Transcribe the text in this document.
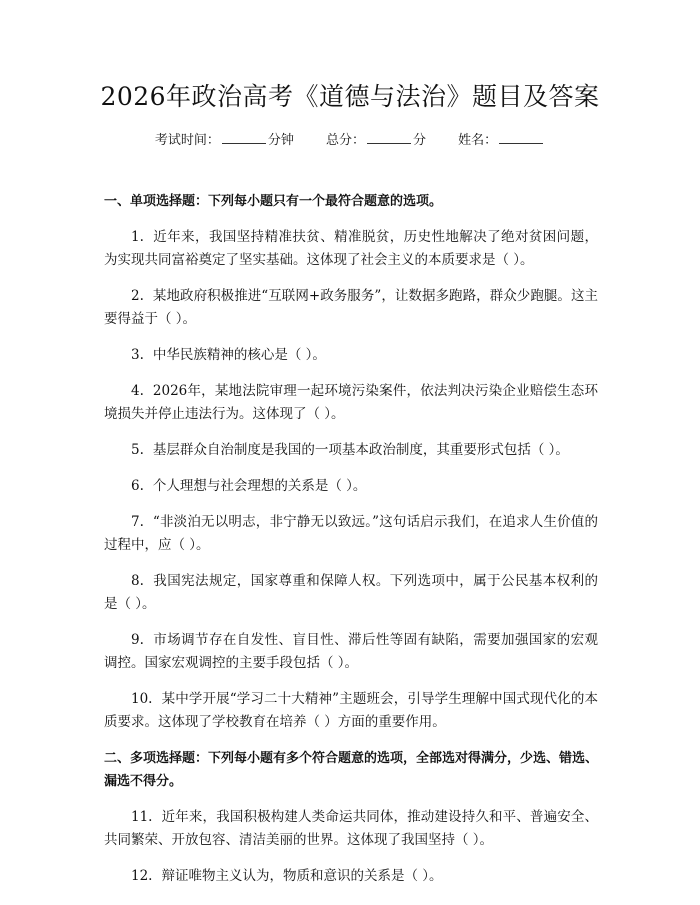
2026年政治高考《道德与法治》题目及答案
考试时间：	分钟 总分：	分 姓名：
一、单项选择题：下列每小题只有一个最符合题意的选项。
1. 近年来，我国坚持精准扶贫、精准脱贫，历史性地解决了绝对贫困问题，为实现共同富裕奠定了坚实基础。这体现了社会主义的本质要求是（ ）。
2. 某地政府积极推进“互联网+政务服务”，让数据多跑路，群众少跑腿。这主要得益于（ ）。
3. 中华民族精神的核心是（ ）。
4. 2026年，某地法院审理一起环境污染案件，依法判决污染企业赔偿生态环境损失并停止违法行为。这体现了（ ）。
5. 基层群众自治制度是我国的一项基本政治制度，其重要形式包括（ ）。
6. 个人理想与社会理想的关系是（ ）。
7. “非淡泊无以明志，非宁静无以致远。”这句话启示我们，在追求人生价值的过程中，应（ ）。
8. 我国宪法规定，国家尊重和保障人权。下列选项中，属于公民基本权利的是（ ）。
9. 市场调节存在自发性、盲目性、滞后性等固有缺陷，需要加强国家的宏观调控。国家宏观调控的主要手段包括（ ）。
10. 某中学开展“学习二十大精神”主题班会，引导学生理解中国式现代化的本质要求。这体现了学校教育在培养（ ）方面的重要作用。
二、多项选择题：下列每小题有多个符合题意的选项，全部选对得满分，少选、错选、漏选不得分。
11. 近年来，我国积极构建人类命运共同体，推动建设持久和平、普遍安全、共同繁荣、开放包容、清洁美丽的世界。这体现了我国坚持（ ）。
12. 辩证唯物主义认为，物质和意识的关系是（ ）。
